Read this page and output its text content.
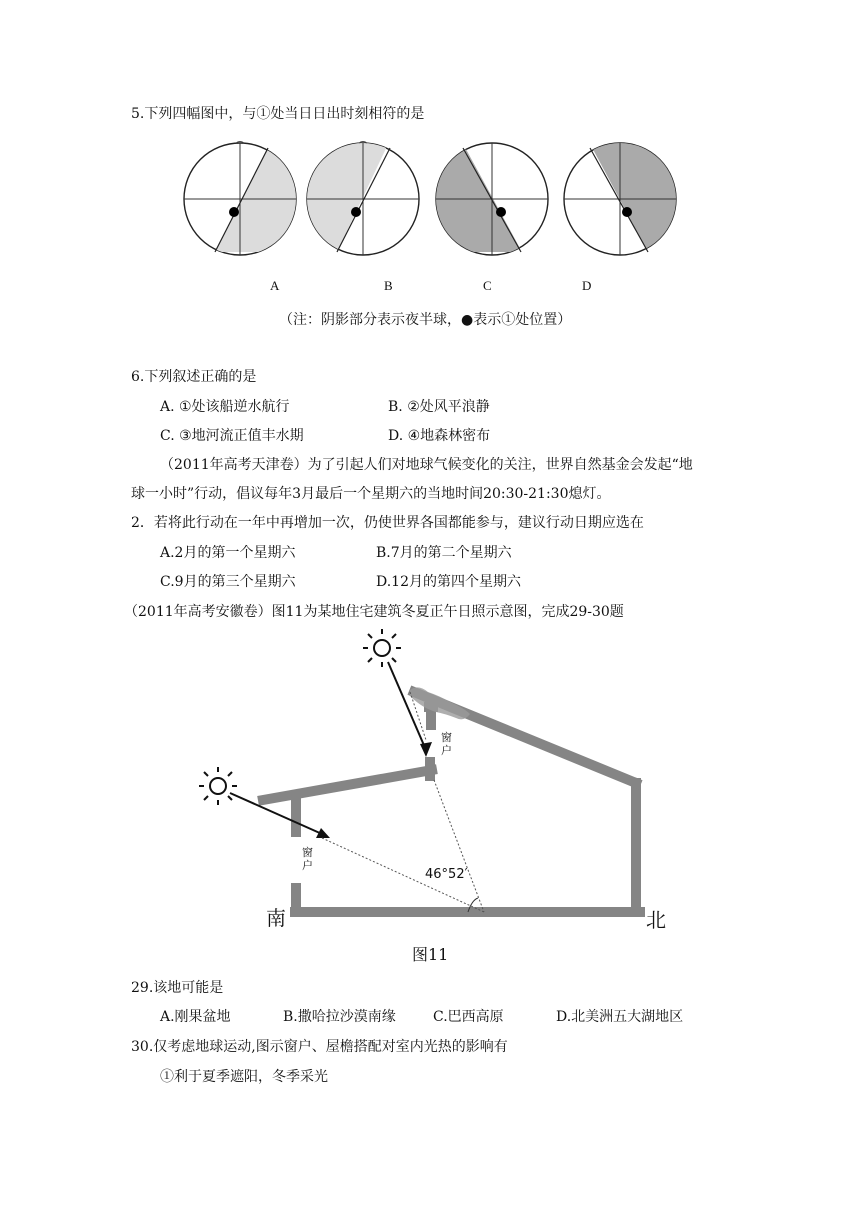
5.下列四幅图中，与①处当日日出时刻相符的是
A	B	C	D
（注：阴影部分表示夜半球，●表示①处位置）
6.下列叙述正确的是
A. ①处该船逆水航行	B. ②处风平浪静
C. ③地河流正值丰水期	D. ④地森林密布
（2011年高考天津卷）为了引起人们对地球气候变化的关注，世界自然基金会发起“地
球一小时”行动，倡议每年3月最后一个星期六的当地时间20:30-21:30熄灯。
2．若将此行动在一年中再增加一次，仍使世界各国都能参与，建议行动日期应选在
A.2月的第一个星期六	B.7月的第二个星期六
C.9月的第三个星期六	D.12月的第四个星期六
（2011年高考安徽卷）图11为某地住宅建筑冬夏正午日照示意图，完成29-30题
窗户
窗户
46°52′
南	北
图11
29.该地可能是
A.刚果盆地	B.撒哈拉沙漠南缘	C.巴西高原	D.北美洲五大湖地区
30.仅考虑地球运动,图示窗户、屋檐搭配对室内光热的影响有
①利于夏季遮阳，冬季采光
